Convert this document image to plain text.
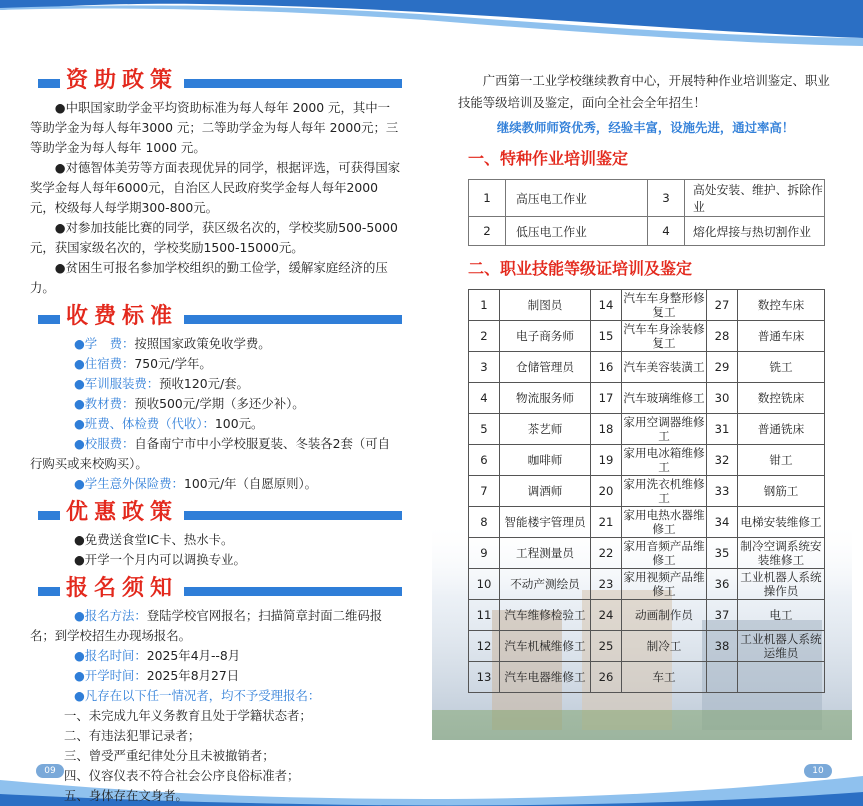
资助政策

●中职国家助学金平均资助标准为每人每年 2000 元，其中一等助学金为每人每年3000 元；二等助学金为每人每年 2000元；三等助学金为每人每年 1000 元。

●对德智体美劳等方面表现优异的同学，根据评选，可获得国家奖学金每人每年6000元，自治区人民政府奖学金每人每年2000元，校级每人每学期300-800元。

●对参加技能比赛的同学，获区级名次的，学校奖励500-5000元，获国家级名次的，学校奖励1500-15000元。

●贫困生可报名参加学校组织的勤工俭学，缓解家庭经济的压力。

收费标准

●学　费：按照国家政策免收学费。

●住宿费：750元/学年。

●军训服装费：预收120元/套。

●教材费：预收500元/学期（多还少补）。

●班费、体检费（代收）：100元。

●校服费：自备南宁市中小学校服夏装、冬装各2套（可自行购买或来校购买）。

●学生意外保险费：100元/年（自愿原则）。

优惠政策

●免费送食堂IC卡、热水卡。

●开学一个月内可以调换专业。

报名须知

●报名方法：登陆学校官网报名；扫描简章封面二维码报名；到学校招生办现场报名。

●报名时间：2025年4月--8月

●开学时间：2025年8月27日

●凡存在以下任一情况者，均不予受理报名：

一、未完成九年义务教育且处于学籍状态者；

二、有违法犯罪记录者；

三、曾受严重纪律处分且未被撤销者；

四、仪容仪表不符合社会公序良俗标准者；

五、身体存在文身者。

广西第一工业学校继续教育中心，开展特种作业培训鉴定、职业技能等级培训及鉴定，面向全社会全年招生！

继续教师师资优秀，经验丰富，设施先进，通过率高！

一、特种作业培训鉴定
1	高压电工作业	3	高处安装、维护、拆除作业
2	低压电工作业	4	熔化焊接与热切割作业
二、职业技能等级证培训及鉴定
1	制图员	14	汽车车身整形修复工	27	数控车床
2	电子商务师	15	汽车车身涂装修复工	28	普通车床
3	仓储管理员	16	汽车美容装潢工	29	铣工
4	物流服务师	17	汽车玻璃维修工	30	数控铣床
5	茶艺师	18	家用空调器维修工	31	普通铣床
6	咖啡师	19	家用电冰箱维修工	32	钳工
7	调酒师	20	家用洗衣机维修工	33	钢筋工
8	智能楼宇管理员	21	家用电热水器维修工	34	电梯安装维修工
9	工程测量员	22	家用音频产品维修工	35	制冷空调系统安装维修工
10	不动产测绘员	23	家用视频产品维修工	36	工业机器人系统操作员
11	汽车维修检验工	24	动画制作员	37	电工
12	汽车机械维修工	25	制冷工	38	工业机器人系统运维员
13	汽车电器维修工	26	车工		
09	10
